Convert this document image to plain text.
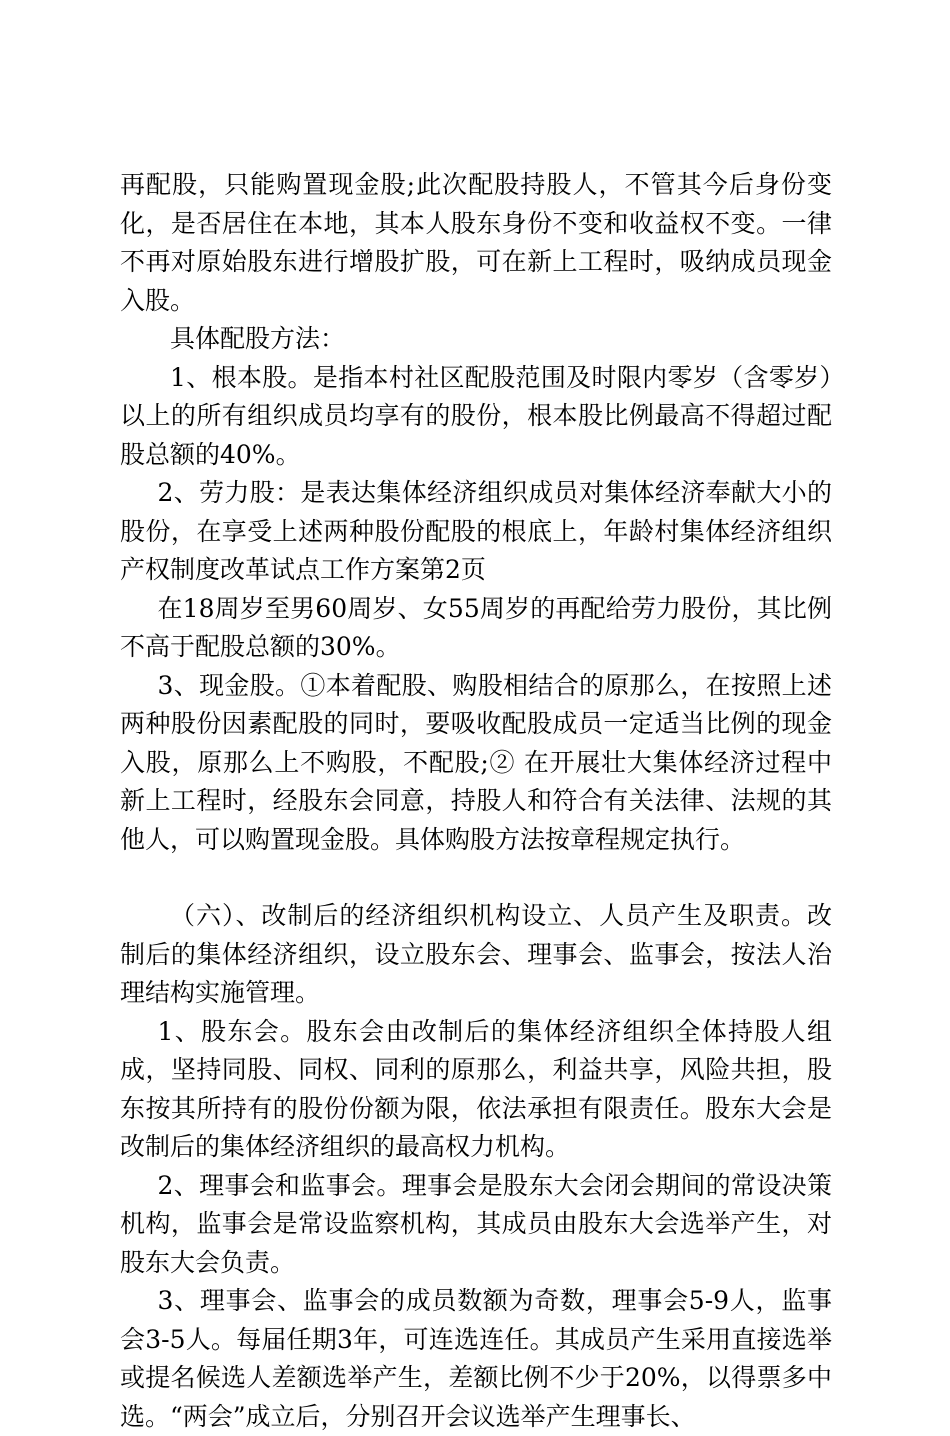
再配股，只能购置现金股;此次配股持股人，不管其今后身份变化，是否居住在本地，其本人股东身份不变和收益权不变。一律不再对原始股东进行增股扩股，可在新上工程时，吸纳成员现金入股。

具体配股方法：

1、根本股。是指本村社区配股范围及时限内零岁（含零岁）以上的所有组织成员均享有的股份，根本股比例最高不得超过配股总额的40%。

2、劳力股：是表达集体经济组织成员对集体经济奉献大小的股份，在享受上述两种股份配股的根底上，年龄村集体经济组织产权制度改革试点工作方案第2页

在18周岁至男60周岁、女55周岁的再配给劳力股份，其比例不高于配股总额的30%。

3、现金股。①本着配股、购股相结合的原那么，在按照上述两种股份因素配股的同时，要吸收配股成员一定适当比例的现金入股，原那么上不购股，不配股;② 在开展壮大集体经济过程中新上工程时，经股东会同意，持股人和符合有关法律、法规的其他人，可以购置现金股。具体购股方法按章程规定执行。

（六）、改制后的经济组织机构设立、人员产生及职责。改制后的集体经济组织，设立股东会、理事会、监事会，按法人治理结构实施管理。

1、股东会。股东会由改制后的集体经济组织全体持股人组成，坚持同股、同权、同利的原那么，利益共享，风险共担，股东按其所持有的股份份额为限，依法承担有限责任。股东大会是改制后的集体经济组织的最高权力机构。

2、理事会和监事会。理事会是股东大会闭会期间的常设决策机构，监事会是常设监察机构，其成员由股东大会选举产生，对股东大会负责。

3、理事会、监事会的成员数额为奇数，理事会5-9人，监事会3-5人。每届任期3年，可连选连任。其成员产生采用直接选举或提名候选人差额选举产生，差额比例不少于20%，以得票多中选。“两会”成立后，分别召开会议选举产生理事长、
